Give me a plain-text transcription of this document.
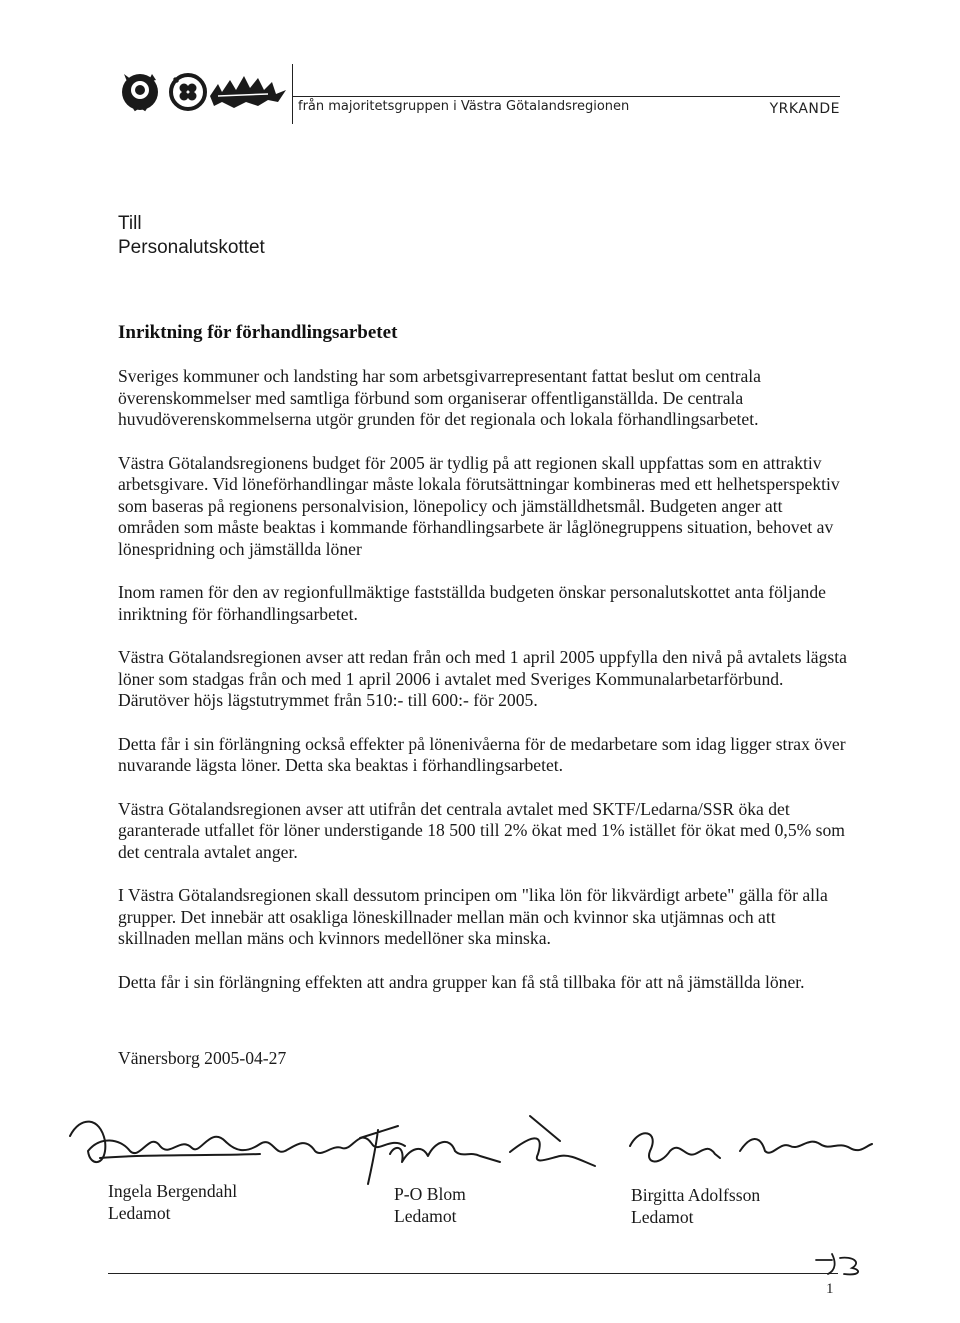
från majoritetsgruppen i Västra Götalandsregionen	YRKANDE
Till
Personalutskottet
Inriktning för förhandlingsarbetet

Sveriges kommuner och landsting har som arbetsgivarrepresentant fattat beslut om centrala överenskommelser med samtliga förbund som organiserar offentliganställda. De centrala huvudöverenskommelserna utgör grunden för det regionala och lokala förhandlingsarbetet.

Västra Götalandsregionens budget för 2005 är tydlig på att regionen skall uppfattas som en attraktiv arbetsgivare. Vid löneförhandlingar måste lokala förutsättningar kombineras med ett helhetsperspektiv som baseras på regionens personalvision, lönepolicy och jämställdhetsmål. Budgeten anger att områden som måste beaktas i kommande förhandlingsarbete är låglönegruppens situation, behovet av lönespridning och jämställda löner

Inom ramen för den av regionfullmäktige fastställda budgeten önskar personalutskottet anta följande inriktning för förhandlingsarbetet.

Västra Götalandsregionen avser att redan från och med 1 april 2005 uppfylla den nivå på avtalets lägsta löner som stadgas från och med 1 april 2006 i avtalet med Sveriges Kommunalarbetarförbund. Därutöver höjs lägstutrymmet från 510:- till 600:- för 2005.

Detta får i sin förlängning också effekter på lönenivåerna för de medarbetare som idag ligger strax över nuvarande lägsta löner. Detta ska beaktas i förhandlingsarbetet.

Västra Götalandsregionen avser att utifrån det centrala avtalet med SKTF/Ledarna/SSR öka det garanterade utfallet för löner understigande 18 500 till 2% ökat med 1% istället för ökat med 0,5% som det centrala avtalet anger.

I Västra Götalandsregionen skall dessutom principen om "lika lön för likvärdigt arbete" gälla för alla grupper. Det innebär att osakliga löneskillnader mellan män och kvinnor ska utjämnas och att skillnaden mellan mäns och kvinnors medellöner ska minska.

Detta får i sin förlängning effekten att andra grupper kan få stå tillbaka för att nå jämställda löner.

Vänersborg 2005-04-27
Ingela Bergendahl
Ledamot
P-O Blom
Ledamot
Birgitta Adolfsson
Ledamot
1
